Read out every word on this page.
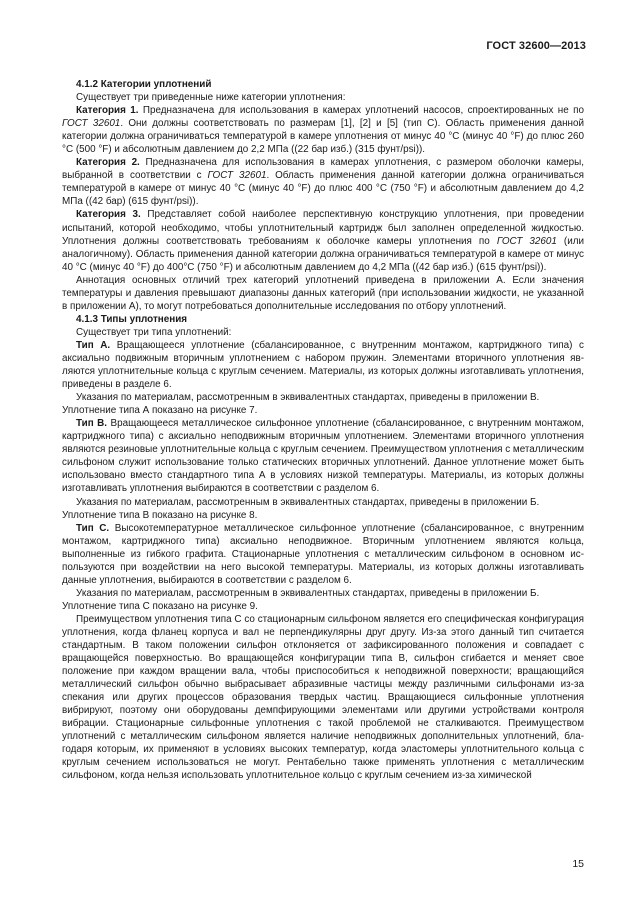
ГОСТ 32600—2013

4.1.2 Категории уплотнений

Существует три приведенные ниже категории уплотнения:

Категория 1. Предназначена для использования в камерах уплотнений насосов, спроектированных не по ГОСТ 32601. Они должны соответствовать по размерам [1], [2] и [5] (тип С). Область применения данной категории должна ограничиваться температурой в камере уплотнения от минус 40 °С (минус 40 °F) до плюс 260 °С (500 °F) и абсолютным давлением до 2,2 МПа ((22 бар изб.) (315 фунт/psi)).

Категория 2. Предназначена для использования в камерах уплотнения, с размером оболочки камеры, выбранной в соответствии с ГОСТ 32601. Область применения данной категории должна ограничиваться температурой в камере от минус 40 °С (минус 40 °F) до плюс 400 °С (750 °F) и абсолютным давлением до 4,2 МПа ((42 бар) (615 фунт/psi)).

Категория 3. Представляет собой наиболее перспективную конструкцию уплотнения, при проведении испытаний, которой необходимо, чтобы уплотнительный картридж был заполнен определенной жидкостью. Уплотнения должны соответствовать требованиям к оболочке камеры уплотнения по ГОСТ 32601 (или аналогичному). Область применения данной категории должна ограничиваться температурой в камере от минус 40 °С (минус 40 °F) до 400°С (750 °F) и абсолютным давлением до 4,2 МПа ((42 бар изб.) (615 фунт/psi)).

Аннотация основных отличий трех категорий уплотнений приведена в приложении А. Если значения температуры и давления превышают диапазоны данных категорий (при использовании жидкости, не указанной в приложении А), то могут потребоваться дополнительные исследования по отбору уплотнений.

4.1.3 Типы уплотнения

Существует три типа уплотнений:

Тип А. Вращающееся уплотнение (сбалансированное, с внутренним монтажом, картриджного типа) с аксиально подвижным вторичным уплотнением с набором пружин. Элементами вторичного уплотнения являются уплотнительные кольца с круглым сечением. Материалы, из которых должны изготавливать уплотнения, приведены в разделе 6.

Указания по материалам, рассмотренным в эквивалентных стандартах, приведены в приложении В.

Уплотнение типа А показано на рисунке 7.

Тип В. Вращающееся металлическое сильфонное уплотнение (сбалансированное, с внутренним монтажом, картриджного типа) с аксиально неподвижным вторичным уплотнением. Элементами вторичного уплотнения являются резиновые уплотнительные кольца с круглым сечением. Преимуществом уплотнения с металлическим сильфоном служит использование только статических вторичных уплотнений. Данное уплотнение может быть использовано вместо стандартного типа А в условиях низкой температуры. Материалы, из которых должны изготавливать уплотнения выбираются в соответствии с разделом 6.

Указания по материалам, рассмотренным в эквивалентных стандартах, приведены в приложении Б.

Уплотнение типа В показано на рисунке 8.

Тип С. Высокотемпературное металлическое сильфонное уплотнение (сбалансированное, с внутренним монтажом, картриджного типа) аксиально неподвижное. Вторичным уплотнением являются кольца, выполненные из гибкого графита. Стационарные уплотнения с металлическим сильфоном в основном используются при воздействии на него высокой температуры. Материалы, из которых должны изготавливать данные уплотнения, выбираются в соответствии с разделом 6.

Указания по материалам, рассмотренным в эквивалентных стандартах, приведены в приложении Б.

Уплотнение типа С показано на рисунке 9.

Преимуществом уплотнения типа С со стационарным сильфоном является его специфическая конфигурация уплотнения, когда фланец корпуса и вал не перпендикулярны друг другу. Из-за этого данный тип считается стандартным. В таком положении сильфон отклоняется от зафиксированного положения и совпадает с вращающейся поверхностью. Во вращающейся конфигурации типа В, сильфон сгибается и меняет свое положение при каждом вращении вала, чтобы приспособиться к неподвижной поверхности; вращающийся металлический сильфон обычно выбрасывает абразивные частицы между различными сильфонами из-за спекания или других процессов образования твердых частиц. Вращающиеся сильфонные уплотнения вибрируют, поэтому они оборудованы демпфирующими элементами или другими устройствами контроля вибрации. Стационарные сильфонные уплотнения с такой проблемой не сталкиваются. Преимуществом уплотнений с металлическим сильфоном является наличие неподвижных дополнительных уплотнений, благодаря которым, их применяют в условиях высоких температур, когда эластомеры уплотнительного кольца с круглым сечением использоваться не могут. Рентабельно также применять уплотнения с металлическим сильфоном, когда нельзя использовать уплотнительное кольцо с круглым сечением из-за химической

15
